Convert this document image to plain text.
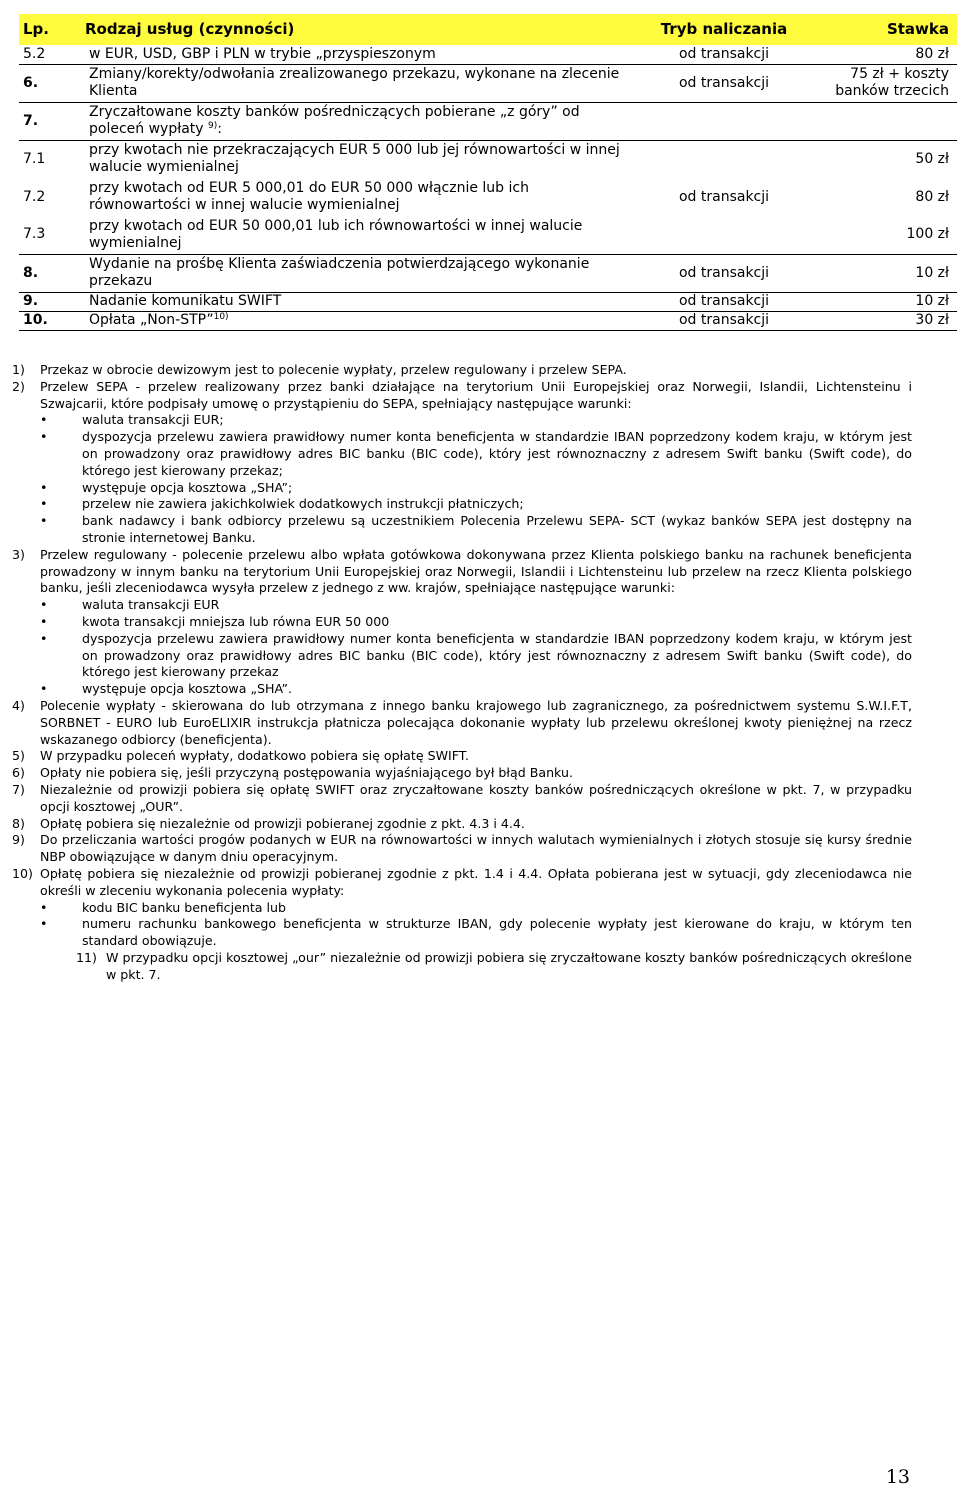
Lp.	Rodzaj usług (czynności)	Tryb naliczania	Stawka
5.2	w EUR, USD, GBP i PLN w trybie „przyspieszonym	od transakcji	80 zł
6.	Zmiany/korekty/odwołania zrealizowanego przekazu, wykonane na zlecenie Klienta	od transakcji	75 zł + koszty banków trzecich
7.	Zryczałtowane koszty banków pośredniczących pobierane „z góry” od poleceń wypłaty $^{9)}$:		
7.1	przy kwotach nie przekraczających EUR 5 000 lub jej równowartości w innej walucie wymienialnej		50 zł
7.2	przy kwotach od EUR 5 000,01 do EUR 50 000 włącznie lub ich równowartości w innej walucie wymienialnej	od transakcji	80 zł
7.3	przy kwotach od EUR 50 000,01 lub ich równowartości w innej walucie wymienialnej		100 zł
8.	Wydanie na prośbę Klienta zaświadczenia potwierdzającego wykonanie przekazu	od transakcji	10 zł
9.	Nadanie komunikatu SWIFT	od transakcji	10 zł
10.	Opłata „Non-STP”$^{10)}$	od transakcji	30 zł
1)	Przekaz w obrocie dewizowym jest to polecenie wypłaty, przelew regulowany i przelew SEPA.
2)	Przelew SEPA - przelew realizowany przez banki działające na terytorium Unii Europejskiej oraz Norwegii, Islandii, Lichtensteinu i Szwajcarii, które podpisały umowę o przystąpieniu do SEPA, spełniający następujące warunki:
•	waluta transakcji EUR;
•	dyspozycja przelewu zawiera prawidłowy numer konta beneficjenta w standardzie IBAN poprzedzony kodem kraju, w którym jest on prowadzony oraz prawidłowy adres BIC banku (BIC code), który jest równoznaczny z adresem Swift banku (Swift code), do którego jest kierowany przekaz;
•	występuje opcja kosztowa „SHA”;
•	przelew nie zawiera jakichkolwiek dodatkowych instrukcji płatniczych;
•	bank nadawcy i bank odbiorcy przelewu są uczestnikiem Polecenia Przelewu SEPA- SCT (wykaz banków SEPA jest dostępny na stronie internetowej Banku.
3)	Przelew regulowany - polecenie przelewu albo wpłata gotówkowa dokonywana przez Klienta polskiego banku na rachunek beneficjenta prowadzony w innym banku na terytorium Unii Europejskiej oraz Norwegii, Islandii i Lichtensteinu lub przelew na rzecz Klienta polskiego banku, jeśli zleceniodawca wysyła przelew z jednego z ww. krajów, spełniające następujące warunki:
•	waluta transakcji EUR
•	kwota transakcji mniejsza lub równa EUR 50 000
•	dyspozycja przelewu zawiera prawidłowy numer konta beneficjenta w standardzie IBAN poprzedzony kodem kraju, w którym jest on prowadzony oraz prawidłowy adres BIC banku (BIC code), który jest równoznaczny z adresem Swift banku (Swift code), do którego jest kierowany przekaz
•	występuje opcja kosztowa „SHA”.
4)	Polecenie wypłaty - skierowana do lub otrzymana z innego banku krajowego lub zagranicznego, za pośrednictwem systemu S.W.I.F.T, SORBNET - EURO lub EuroELIXIR instrukcja płatnicza polecająca dokonanie wypłaty lub przelewu określonej kwoty pieniężnej na rzecz wskazanego odbiorcy (beneficjenta).
5)	W przypadku poleceń wypłaty, dodatkowo pobiera się opłatę SWIFT.
6)	Opłaty nie pobiera się, jeśli przyczyną postępowania wyjaśniającego był błąd Banku.
7)	Niezależnie od prowizji pobiera się opłatę SWIFT oraz zryczałtowane koszty banków pośredniczących określone w pkt. 7, w przypadku opcji kosztowej „OUR”.
8)	Opłatę pobiera się niezależnie od prowizji pobieranej zgodnie z pkt. 4.3 i 4.4.
9)	Do przeliczania wartości progów podanych w EUR na równowartości w innych walutach wymienialnych i złotych stosuje się kursy średnie NBP obowiązujące w danym dniu operacyjnym.
10) Opłatę pobiera się niezależnie od prowizji pobieranej zgodnie z pkt. 1.4 i 4.4. Opłata pobierana jest w sytuacji, gdy zleceniodawca nie określi w zleceniu wykonania polecenia wypłaty:
•	kodu BIC banku beneficjenta lub
•	numeru rachunku bankowego beneficjenta w strukturze IBAN, gdy polecenie wypłaty jest kierowane do kraju, w którym ten standard obowiązuje.
11) W przypadku opcji kosztowej „our” niezależnie od prowizji pobiera się zryczałtowane koszty banków pośredniczących określone w pkt. 7.
13
